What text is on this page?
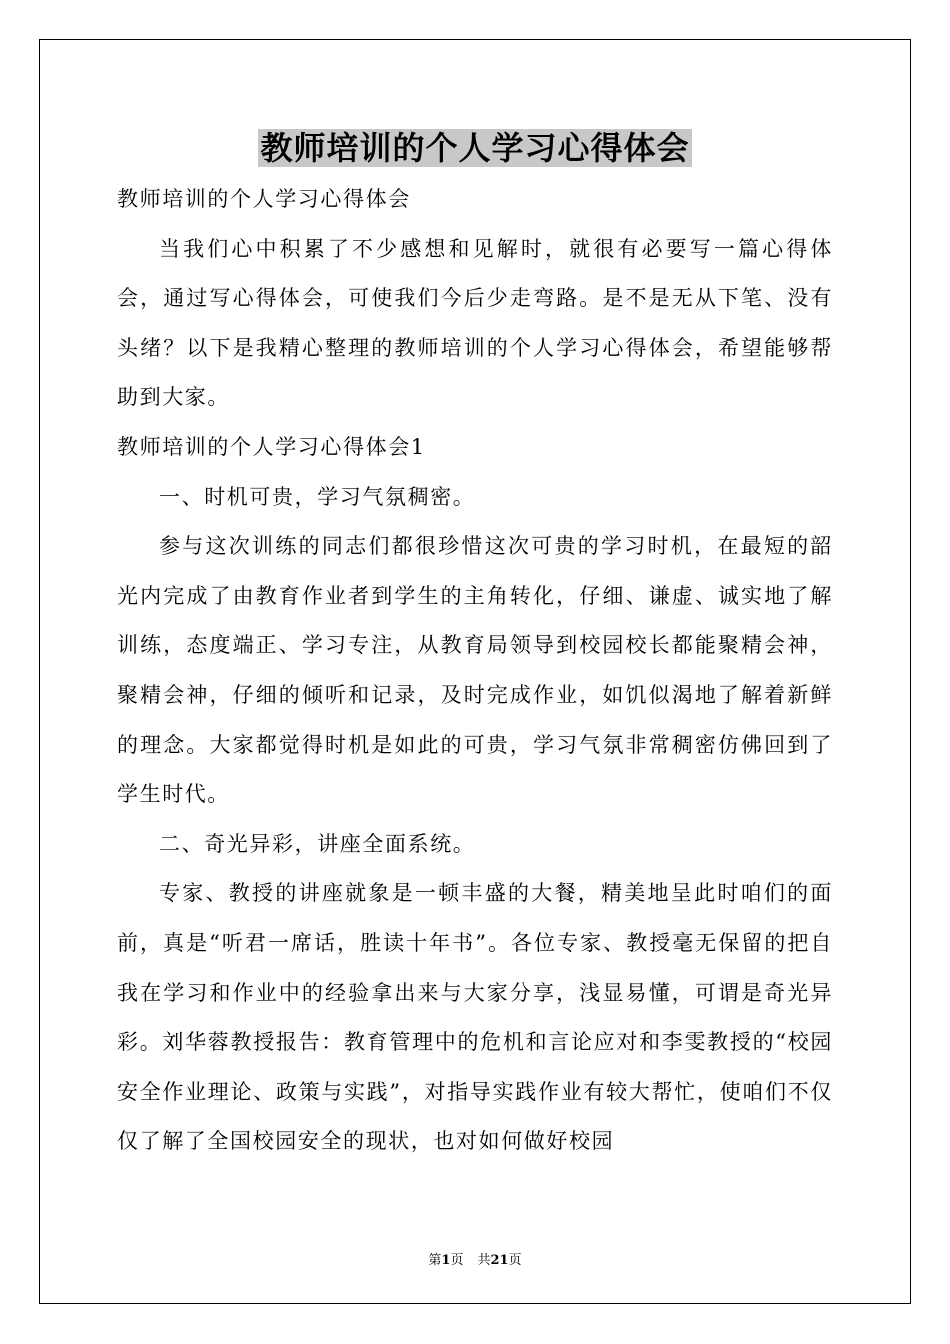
教师培训的个人学习心得体会

教师培训的个人学习心得体会

当我们心中积累了不少感想和见解时，就很有必要写一篇心得体会，通过写心得体会，可使我们今后少走弯路。是不是无从下笔、没有头绪？以下是我精心整理的教师培训的个人学习心得体会，希望能够帮助到大家。

教师培训的个人学习心得体会1

一、时机可贵，学习气氛稠密。

参与这次训练的同志们都很珍惜这次可贵的学习时机，在最短的韶光内完成了由教育作业者到学生的主角转化，仔细、谦虚、诚实地了解训练，态度端正、学习专注，从教育局领导到校园校长都能聚精会神，聚精会神，仔细的倾听和记录，及时完成作业，如饥似渴地了解着新鲜的理念。大家都觉得时机是如此的可贵，学习气氛非常稠密仿佛回到了学生时代。

二、奇光异彩，讲座全面系统。

专家、教授的讲座就象是一顿丰盛的大餐，精美地呈此时咱们的面前，真是“听君一席话，胜读十年书”。各位专家、教授毫无保留的把自我在学习和作业中的经验拿出来与大家分享，浅显易懂，可谓是奇光异彩。刘华蓉教授报告：教育管理中的危机和言论应对和李雯教授的“校园安全作业理论、政策与实践”，对指导实践作业有较大帮忙，使咱们不仅仅了解了全国校园安全的现状，也对如何做好校园

第1页 共21页
